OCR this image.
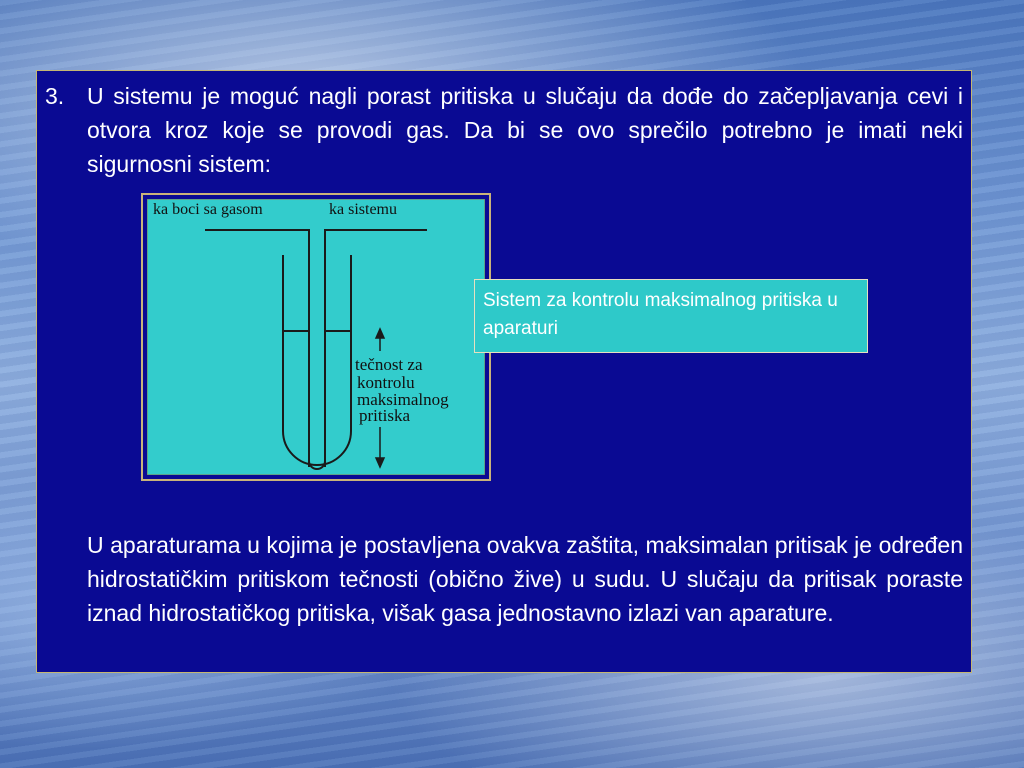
3. U sistemu je moguć nagli porast pritiska u slučaju da dođe do začepljavanja cevi i otvora kroz koje se provodi gas. Da bi se ovo sprečilo potrebno je imati neki sigurnosni sistem:

ka boci sa gasom	ka sistemu
tečnost za
kontrolu
maksimalnog
pritiska
Sistem za kontrolu maksimalnog pritiska u aparaturi

U aparaturama u kojima je postavljena ovakva zaštita, maksimalan pritisak je određen hidrostatičkim pritiskom tečnosti (obično žive) u sudu. U slučaju da pritisak poraste iznad hidrostatičkog pritiska, višak gasa jednostavno izlazi van aparature.
